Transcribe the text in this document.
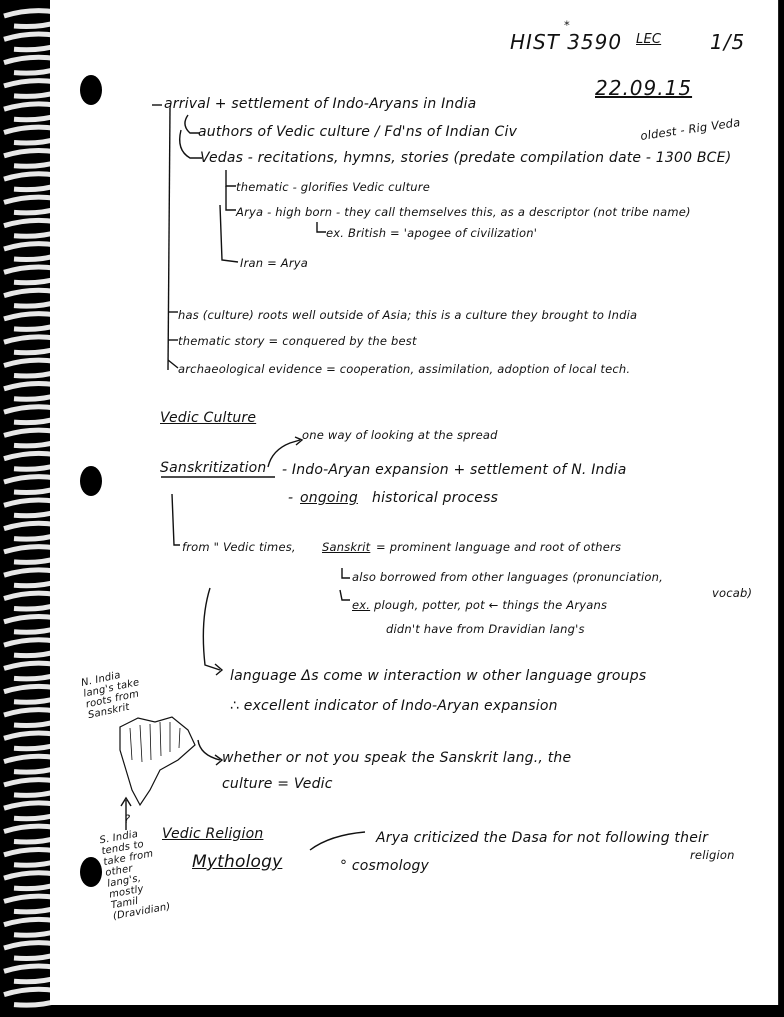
HIST 3590
*
LEC 1/5
22.09.15
arrival + settlement of Indo-Aryans in India
authors of Vedic culture / Fd'ns of Indian Civ	oldest - Rig Veda
Vedas - recitations, hymns, stories (predate compilation date - 1300 BCE)
thematic - glorifies Vedic culture
Arya - high born - they call themselves this, as a descriptor (not tribe name)
ex. British = 'apogee of civilization'
Iran = Arya
has (culture) roots well outside of Asia; this is a culture they brought to India
thematic story = conquered by the best
archaeological evidence = cooperation, assimilation, adoption of local tech.
Vedic Culture
one way of looking at the spread
Sanskritization - Indo-Aryan expansion + settlement of N. India
- ongoing historical process
from " Vedic times, Sanskrit = prominent language and root of others
also borrowed from other languages (pronunciation,
vocab)
ex. plough, potter, pot ← things the Aryans
didn't have from Dravidian lang's
language Δs come w interaction w other language groups
∴ excellent indicator of Indo-Aryan expansion
whether or not you speak the Sanskrit lang., the
culture = Vedic
N. India lang's take roots from Sanskrit
?
S. India tends to take from other lang's, mostly Tamil (Dravidian)
Vedic Religion
Mythology
Arya criticized the Dasa for not following their
religion
° cosmology
